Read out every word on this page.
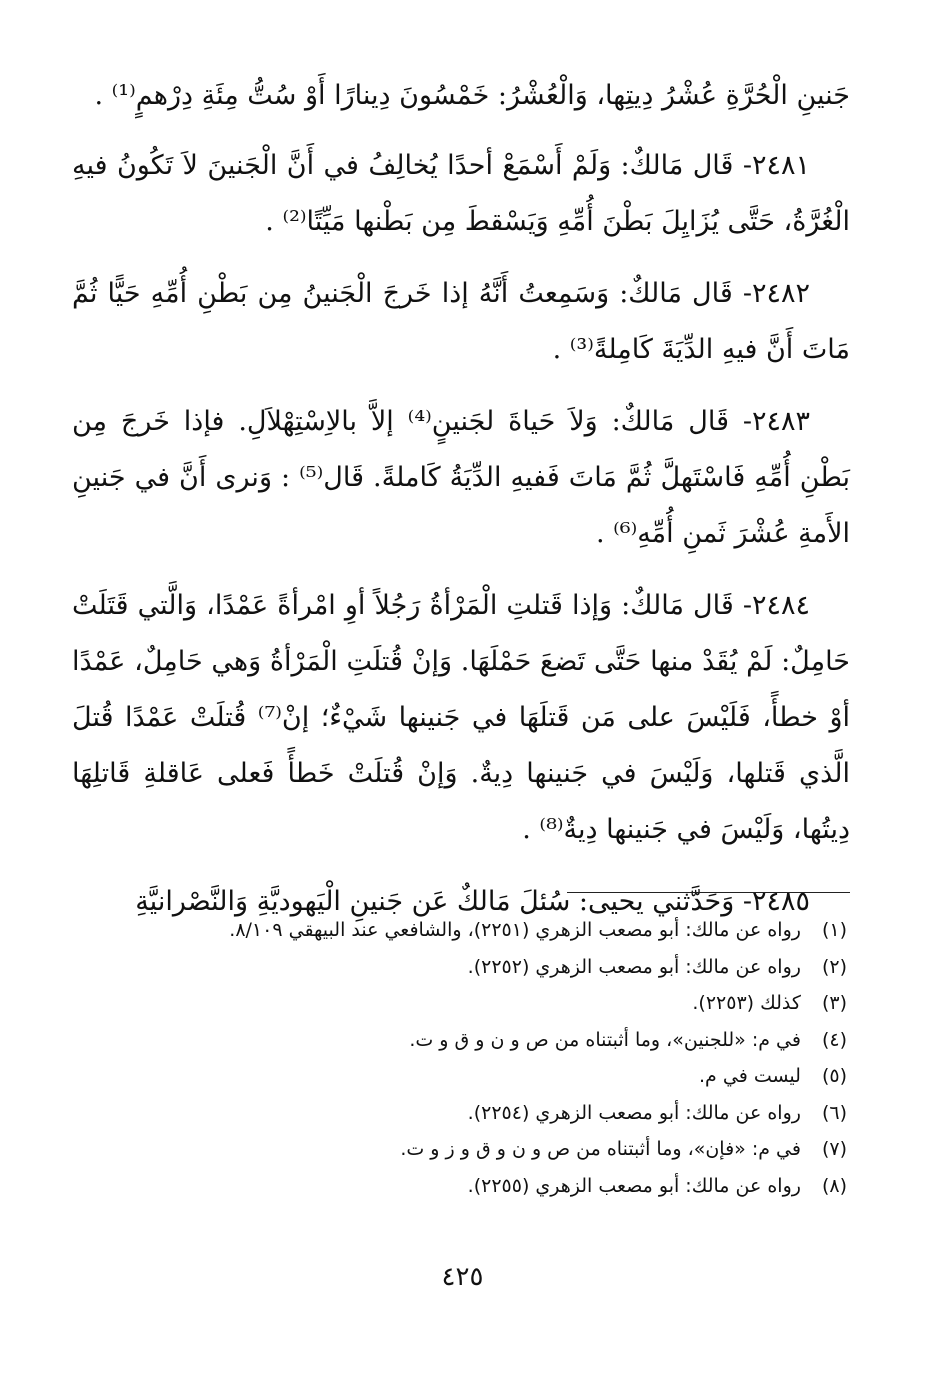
جَنينِ الْحُرَّةِ عُشْرُ دِيتِها، وَالْعُشْرُ: خَمْسُونَ دِينارًا أَوْ سُتُّ مِئَةِ دِرْهمٍ⁽¹⁾ .

٢٤٨١- قَال مَالكٌ: وَلَمْ أَسْمَعْ أحدًا يُخالِفُ في أَنَّ الْجَنينَ لاَ تَكُونُ فيهِ الْغُرَّةُ، حَتَّى يُزَايِلَ بَطْنَ أُمِّهِ وَيَسْقطَ مِن بَطْنها مَيِّتًا⁽²⁾ .

٢٤٨٢- قَال مَالكٌ: وَسَمِعتُ أَنَّهُ إذا خَرجَ الْجَنينُ مِن بَطْنِ أُمِّهِ حَيًّا ثُمَّ مَاتَ أَنَّ فيهِ الدِّيَةَ كَامِلةً⁽³⁾ .

٢٤٨٣- قَال مَالكٌ: وَلاَ حَياةَ لجَنينٍ⁽⁴⁾ إلاَّ بالاِسْتِهْلاَلِ. فإذا خَرجَ مِن بَطْنِ أُمِّهِ فَاسْتَهلَّ ثُمَّ مَاتَ فَفيهِ الدِّيَةُ كَاملةً. قَال⁽⁵⁾ : وَنرى أَنَّ في جَنينِ الأَمةِ عُشْرَ ثَمنِ أُمِّهِ⁽⁶⁾ .

٢٤٨٤- قَال مَالكٌ: وَإذا قَتلتِ الْمَرْأةُ رَجُلاً أوِ امْرأةً عَمْدًا، وَالَّتي قَتَلَتْ حَامِلٌ: لَمْ يُقَدْ منها حَتَّى تَضعَ حَمْلَهَا. وَإنْ قُتلَتِ الْمَرْأةُ وَهي حَامِلٌ، عَمْدًا أوْ خطأً، فَلَيْسَ على مَن قَتلَهَا في جَنينها شَيْءٌ؛ إنْ⁽⁷⁾ قُتلَتْ عَمْدًا قُتلَ الَّذي قَتلها، وَلَيْسَ في جَنينها دِيةٌ. وَإنْ قُتلَتْ خَطأً فَعلى عَاقلةِ قَاتلِهَا دِيتُها، وَلَيْسَ في جَنينها دِيةٌ⁽⁸⁾ .

٢٤٨٥- وَحَدَّثني يحيى: سُئلَ مَالكٌ عَن جَنينِ الْيَهوديَّةِ وَالنَّصْرانيَّةِ

(١) رواه عن مالك: أبو مصعب الزهري (٢٢٥١)، والشافعي عند البيهقي ٨/١٠٩.
(٢) رواه عن مالك: أبو مصعب الزهري (٢٢٥٢).
(٣) كذلك (٢٢٥٣).
(٤) في م: «للجنين»، وما أثبتناه من ص و ن و ق و ت.
(٥) ليست في م.
(٦) رواه عن مالك: أبو مصعب الزهري (٢٢٥٤).
(٧) في م: «فإن»، وما أثبتناه من ص و ن و ق و ز و ت.
(٨) رواه عن مالك: أبو مصعب الزهري (٢٢٥٥).
٤٢٥
